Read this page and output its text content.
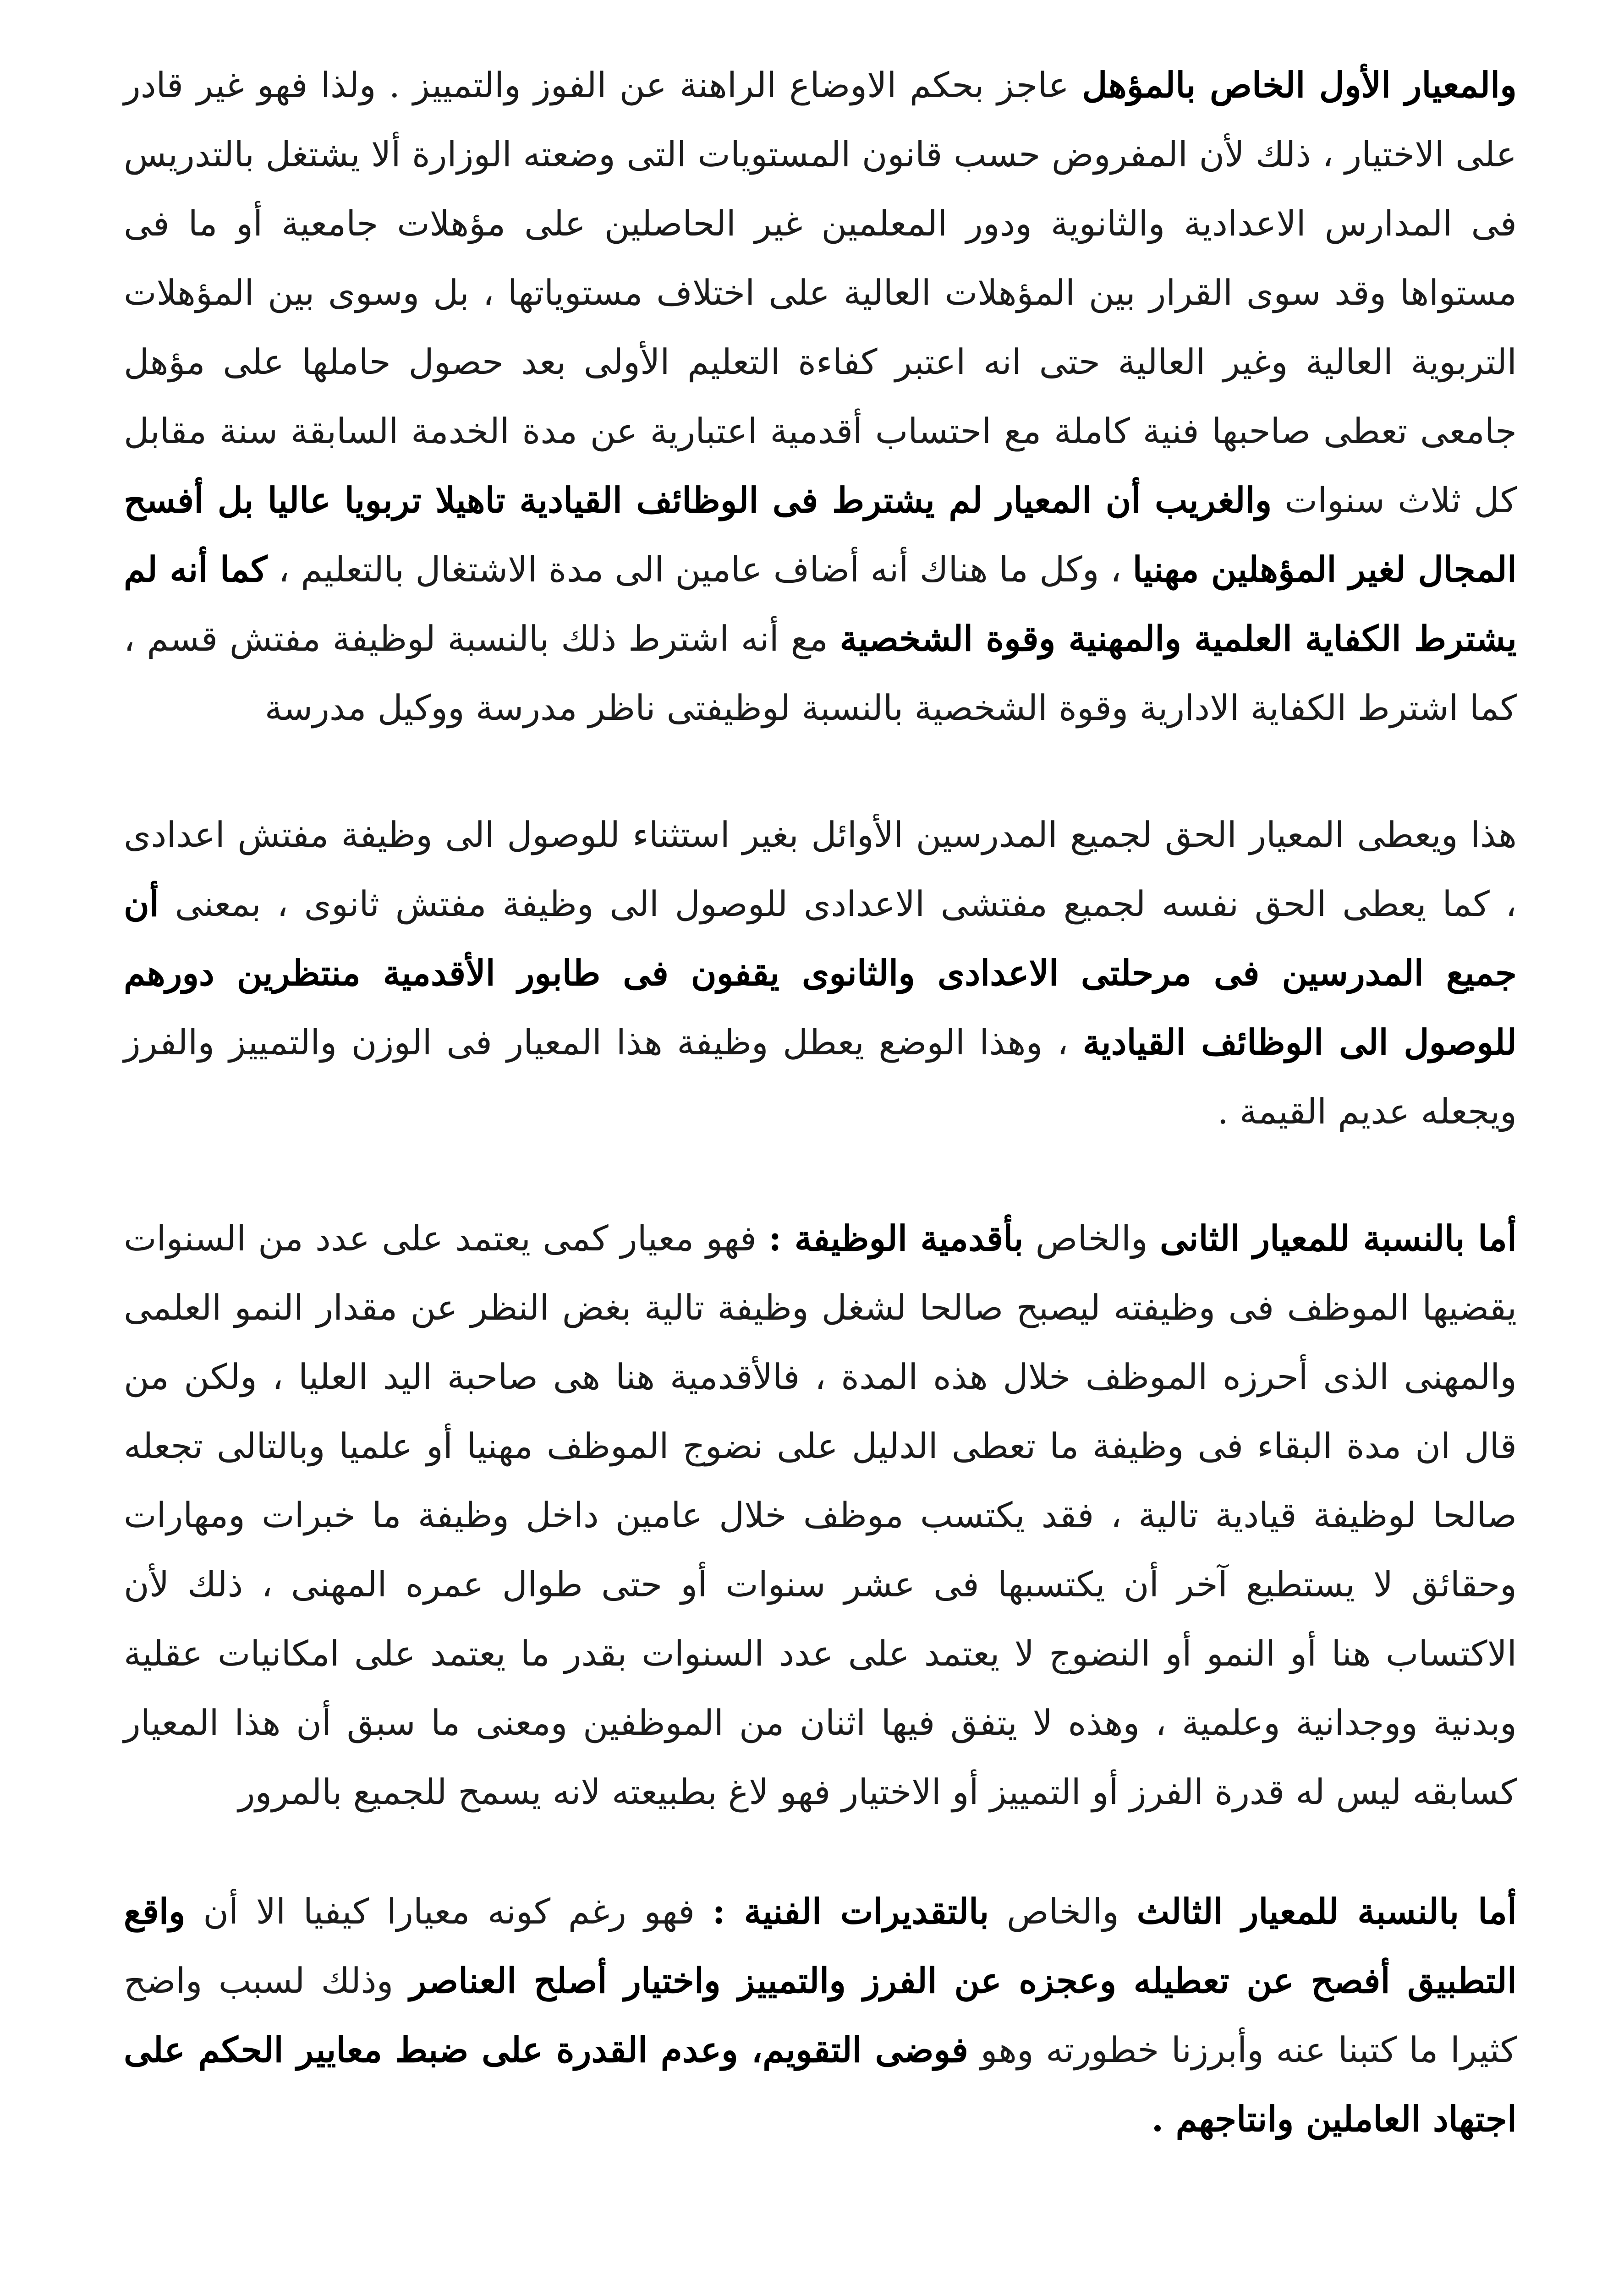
والمعيار الأول الخاص بالمؤهل عاجز بحكم الاوضاع الراهنة عن الفوز والتمييز . ولذا فهو غير قادر على الاختيار ، ذلك لأن المفروض حسب قانون المستويات التى وضعته الوزارة ألا يشتغل بالتدريس فى المدارس الاعدادية والثانوية ودور المعلمين غير الحاصلين على مؤهلات جامعية أو ما فى مستواها وقد سوى القرار بين المؤهلات العالية على اختلاف مستوياتها ، بل وسوى بين المؤهلات التربوية العالية وغير العالية حتى انه اعتبر كفاءة التعليم الأولى بعد حصول حاملها على مؤهل جامعى تعطى صاحبها فنية كاملة مع احتساب أقدمية اعتبارية عن مدة الخدمة السابقة سنة مقابل كل ثلاث سنوات والغريب أن المعيار لم يشترط فى الوظائف القيادية تاهيلا تربويا عاليا بل أفسح المجال لغير المؤهلين مهنيا ، وكل ما هناك أنه أضاف عامين الى مدة الاشتغال بالتعليم ، كما أنه لم يشترط الكفاية العلمية والمهنية وقوة الشخصية مع أنه اشترط ذلك بالنسبة لوظيفة مفتش قسم ، كما اشترط الكفاية الادارية وقوة الشخصية بالنسبة لوظيفتى ناظر مدرسة ووكيل مدرسة

هذا ويعطى المعيار الحق لجميع المدرسين الأوائل بغير استثناء للوصول الى وظيفة مفتش اعدادى ، كما يعطى الحق نفسه لجميع مفتشى الاعدادى للوصول الى وظيفة مفتش ثانوى ، بمعنى أن جميع المدرسين فى مرحلتى الاعدادى والثانوى يقفون فى طابور الأقدمية منتظرين دورهم للوصول الى الوظائف القيادية ، وهذا الوضع يعطل وظيفة هذا المعيار فى الوزن والتمييز والفرز ويجعله عديم القيمة .

أما بالنسبة للمعيار الثانى والخاص بأقدمية الوظيفة : فهو معيار كمى يعتمد على عدد من السنوات يقضيها الموظف فى وظيفته ليصبح صالحا لشغل وظيفة تالية بغض النظر عن مقدار النمو العلمى والمهنى الذى أحرزه الموظف خلال هذه المدة ، فالأقدمية هنا هى صاحبة اليد العليا ، ولكن من قال ان مدة البقاء فى وظيفة ما تعطى الدليل على نضوج الموظف مهنيا أو علميا وبالتالى تجعله صالحا لوظيفة قيادية تالية ، فقد يكتسب موظف خلال عامين داخل وظيفة ما خبرات ومهارات وحقائق لا يستطيع آخر أن يكتسبها فى عشر سنوات أو حتى طوال عمره المهنى ، ذلك لأن الاكتساب هنا أو النمو أو النضوج لا يعتمد على عدد السنوات بقدر ما يعتمد على امكانيات عقلية وبدنية ووجدانية وعلمية ، وهذه لا يتفق فيها اثنان من الموظفين ومعنى ما سبق أن هذا المعيار كسابقه ليس له قدرة الفرز أو التمييز أو الاختيار فهو لاغ بطبيعته لانه يسمح للجميع بالمرور

أما بالنسبة للمعيار الثالث والخاص بالتقديرات الفنية : فهو رغم كونه معيارا كيفيا الا أن واقع التطبيق أفصح عن تعطيله وعجزه عن الفرز والتمييز واختيار أصلح العناصر وذلك لسبب واضح كثيرا ما كتبنا عنه وأبرزنا خطورته وهو فوضى التقويم، وعدم القدرة على ضبط معايير الحكم على اجتهاد العاملين وانتاجهم .
